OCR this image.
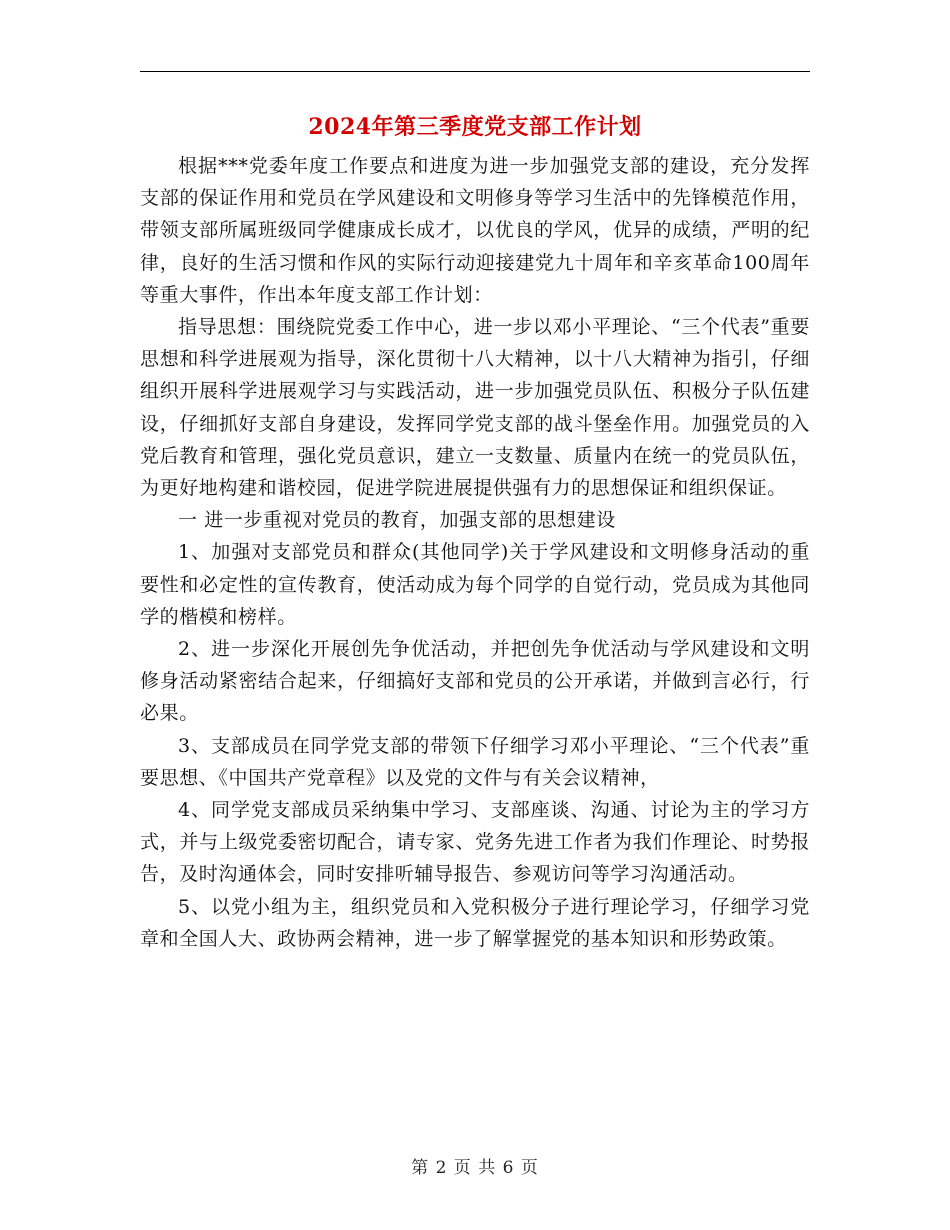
2024年第三季度党支部工作计划

根据***党委年度工作要点和进度为进一步加强党支部的建设，充分发挥支部的保证作用和党员在学风建设和文明修身等学习生活中的先锋模范作用，带领支部所属班级同学健康成长成才，以优良的学风，优异的成绩，严明的纪律，良好的生活习惯和作风的实际行动迎接建党九十周年和辛亥革命100周年等重大事件，作出本年度支部工作计划：

指导思想：围绕院党委工作中心，进一步以邓小平理论、“三个代表”重要思想和科学进展观为指导，深化贯彻十八大精神，以十八大精神为指引，仔细组织开展科学进展观学习与实践活动，进一步加强党员队伍、积极分子队伍建设，仔细抓好支部自身建设，发挥同学党支部的战斗堡垒作用。加强党员的入党后教育和管理，强化党员意识，建立一支数量、质量内在统一的党员队伍，为更好地构建和谐校园，促进学院进展提供强有力的思想保证和组织保证。

一 进一步重视对党员的教育，加强支部的思想建设

1、加强对支部党员和群众(其他同学)关于学风建设和文明修身活动的重要性和必定性的宣传教育，使活动成为每个同学的自觉行动，党员成为其他同学的楷模和榜样。

2、进一步深化开展创先争优活动，并把创先争优活动与学风建设和文明修身活动紧密结合起来，仔细搞好支部和党员的公开承诺，并做到言必行，行必果。

3、支部成员在同学党支部的带领下仔细学习邓小平理论、“三个代表”重要思想、《中国共产党章程》以及党的文件与有关会议精神，

4、同学党支部成员采纳集中学习、支部座谈、沟通、讨论为主的学习方式，并与上级党委密切配合，请专家、党务先进工作者为我们作理论、时势报告，及时沟通体会，同时安排听辅导报告、参观访问等学习沟通活动。

5、以党小组为主，组织党员和入党积极分子进行理论学习，仔细学习党章和全国人大、政协两会精神，进一步了解掌握党的基本知识和形势政策。

第 2 页 共 6 页
